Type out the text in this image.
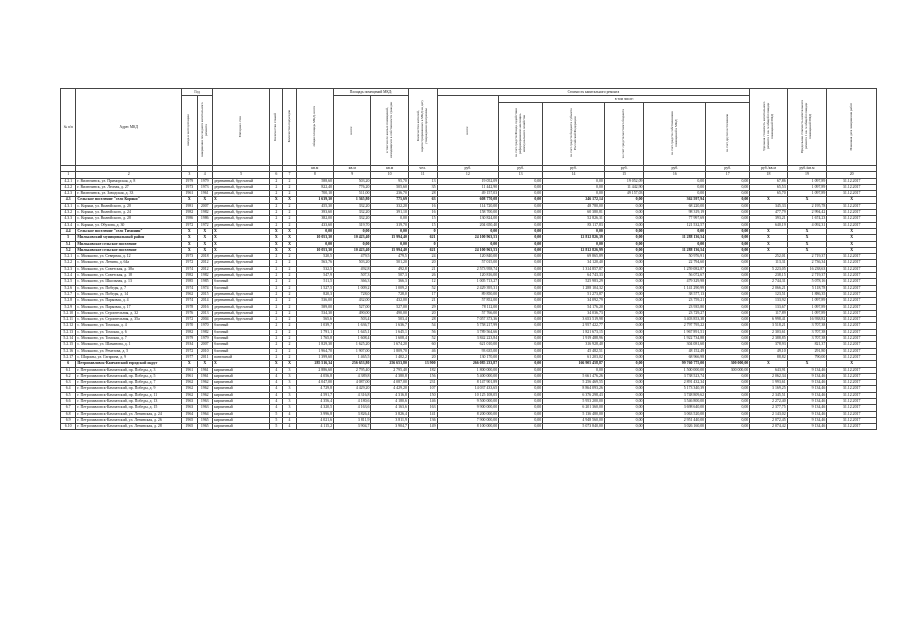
№ п/п	Адрес МКД	Год		Материал стен	Количество этажей	Количество подъездов	общая площадь МКД, всего	Площадь помещений МКД:		Количество жителей, зарегистрированных в МКД на дату утверждения программы	Стоимость капитального ремонта						Удельная стоимость капитального ремонта 1 кв. м общей площади помещений МКД	Предельная стоимость капитального ремонта 1 кв. м общей площади помещений МКД	Плановая дата завершения работ
		ввода в эксплуатацию	завершения последнего капитального ремонта					всего:	в том числе жилых помещений, находящихся в собственности граждан		всего:	в том числе:							
												за счет средств Фонда содействия реформированию жилищно-коммунального хозяйства	за счет средств бюджета субъекта Российской Федерации	за счет средств местного бюджета	за счет средств собственников помещений в МКД	за счет других источников			
							кв.м	кв.м	кв.м	чел.	руб.	руб.	руб.	руб.	руб.	руб.	руб./кв.м	руб./кв.м	
1	2	3	4	5	6	7	8	9	10	11	12	13	14	15	16	17	18	19	20
4.2.1	г. Вилючинск, ул. Приморская, д. 8	1979	1979	деревянный, брусчатый	2	2	588,60	503,20	95,70	13	19 052,09	0,00	0,00	19 052,09	0,00	0,00	67,86	1 097,89	31.12.2017
4.2.2	г. Вилючинск, ул. Лесная, д. 27	1973	1973	деревянный, брусчатый	2	2	822,40	776,20	505,60	35	11 442,90	0,00	0,00	11 442,90	0,00	0,00	65,53	1 097,89	31.12.2017
4.2.3	г. Вилючинск, ул. Заводская, д. 33	1961	1961	деревянный, брусчатый	2	2	700,10	511,00	236,70	28	49 157,03	0,00	0,00	49 157,03	0,00	0,00	65,70	1 097,89	31.12.2017
4.3	Сельское поселение "село Коряки"	X	X	X	X	X	1 639,30	1 365,80	775,69	63	608 770,08	0,00	246 172,14	0,00	362 597,94	0,00	X	X	X
4.3.1	с. Коряки, ул. Вилюйского, д. 20	1981	2007	деревянный, брусчатый	2	2	455,30	332,20	332,20	16	114 720,00	0,00	48 780,00	0,00	68 220,00	0,00	345,33	2 195,78	31.12.2017
4.3.2	с. Коряки, ул. Вилюйского, д. 24	1982	1982	деревянный, брусчатый	2	2	393,60	332,20	391,10	16	158 700,00	0,00	60 380,81	0,00	98 319,19	0,00	477,79	2 994,42	31.12.2017
4.3.3	с. Коряки, ул. Вилюйского, д. 28	1986	1986	деревянный, брусчатый	2	2	382,00	332,20	0,00	15	130 824,00	0,00	52 826,31	0,00	77 997,69	0,00	393,21	1 674,23	31.12.2017
4.3.4	с. Коряки, ул. Обухова, д. 30	1972	1972	деревянный, брусчатый	2	2	433,60	319,70	319,70	15	204 650,40	0,00	83 117,83	0,00	121 532,57	0,00	640,19	4 092,31	31.12.2017
4.4	Сельское поселение "село Тимонин"	X	X	X	X	X	0,00	0,00	0,00	0	0,00	0,00	0,00	0,00	0,00	0,00	X	X	X
5	Мильковский муниципальный район	X	X	X	X	X	10 053,30	10 423,40	15 994,40	621	24 100 963,53	0,00	12 812 826,39	0,00	11 288 136,54	0,00	X	X	X
5.1	Мильковское сельское поселение	X	X	X	X	X	0,00	0,00	0,00	0	0,00	0,00	0,00	0,00	0,00	0,00	X	X	X
5.2	Мильковское сельское поселение	X	X	X	X	X	10 053,30	10 423,40	15 994,40	621	24 100 963,53	0,00	12 812 826,99	0,00	11 288 136,54	0,00	X	X	X
5.2.1	с. Мильково, ул. Северная, д. 12	1973	2018	деревянный, брусчатый	2	2	520,5	479,5	479,5	24	120 840,00	0,00	69 865,89	0,00	50 976,91	0,00	252,01	2 719,37	31.12.2017
5.2.2	с. Мильково, ул. Ленина, д. 64а	1972	2012	деревянный, брусчатый	2	2	563,76	503,20	501,20	20	57 015,00	0,00	34 120,40	0,00	22 794,60	0,00	113,31	2 736,34	31.12.2017
5.2.3	с. Мильково, ул. Советская, д. 38а	1974	2012	деревянный, брусчатый	2	2	532,5	492,8	492,8	21	2 573 958,74	0,00	1 314 857,87	0,00	1 259 082,87	0,00	5 223,05	16 238,63	31.12.2017
5.2.4	с. Мильково, ул. Советская, д. 18	1982	1982	деревянный, брусчатый	2	2	547,9	507,3	507,3	26	120 816,00	0,00	64 743,33	0,00	56 072,67	0,00	238,15	2 719,37	31.12.2017
5.2.5	с. Мильково, ул. Школьная, д. 13	1985	1985	блочный	2	2	511,5	366,3	366,3	12	1 005 713,27	0,00	525 983,29	0,00	479 329,98	0,00	2 744,31	5 078,16	31.12.2017
5.2.6	с. Мильково, ул. Победы, д. 7	1974	1974	блочный	2	2	1 527,5	1 009,2	1 009,2	52	2 429 395,31	0,00	1 288 104,32	0,00	1 141 290,99	0,00	2 066,21	5 118,78	31.12.2017
5.2.7	с. Мильково, ул. Победы, д. 14	1962	2015	деревянный, брусчатый	2	2	820,3	728,0	728,0	17	89 850,00	0,00	51 273,87	0,00	38 577,13	0,00	123,51	1 886,35	31.12.2017
5.2.8	с. Мильково, ул. Парковая, д. 4	1974	2014	деревянный, брусчатый	2	2	536,00	432,00	432,00	21	57 852,00	0,00	34 092,79	0,00	23 759,21	0,00	133,92	1 097,89	31.12.2017
5.2.9	с. Мильково, ул. Парковая, д. 17	1978	2016	деревянный, брусчатый	2	2	589,00	527,00	527,00	29	78 112,00	0,00	54 176,20	0,00	23 935,80	0,00	133,67	1 097,89	31.12.2017
5.2.10	с. Мильково, ул. Строительная, д. 32	1976	2013	деревянный, брусчатый	2	2	534,30	490,00	490,00	20	57 766,00	0,00	34 036,73	0,00	23 729,27	0,00	117,89	1 097,89	31.12.2017
5.2.11	с. Мильково, ул. Строительная, д. 35а	1972	2004	деревянный, брусчатый	2	2	565,6	503,4	503,4	28	7 057 373,36	0,00	3 653 519,98	0,00	3 403 853,38	0,00	6 998,41	16 938,82	31.12.2017
5.2.12	с. Мильково, ул. Томская, д. 4	1970	1970	блочный	2	2	1 039,7	1 636,7	1 636,7	54	5 758 217,99	0,00	2 957 422,77	0,00	2 797 795,22	0,00	3 518,21	3 707,38	31.12.2017
5.2.13	с. Мильково, ул. Томская, д. 6	1982	1982	блочный	2	2	1 791,1	1 645,1	1 645,1	56	3 789 564,66	0,00	1 821 673,15	0,00	1 967 891,51	0,00	2 303,61	3 707,38	31.12.2017
5.2.14	с. Мильково, ул. Томская, д. 7	1979	1979	блочный	2	2	1 765,8	1 608,4	1 608,4	52	3 842 223,84	0,00	1 919 488,96	0,00	1 922 734,88	0,00	2 388,85	3 707,38	31.12.2017
5.2.15	с. Мильково, ул. Шаманова, д. 1	1934	2007	блочный	2	2	1 829,30	1 625,20	1 674,20	60	621 010,00	0,00	316 928,40	0,00	304 081,60	0,00	378,93	821,37	31.12.2017
5.2.16	с. Мильково, ул. Ремезова, д. 5	1972	2010	блочный	2	2	1 964,70	1 907,00	1 809,70	46	93 635,00	0,00	45 482,51	0,00	48 152,49	0,00	49,10	291,80	31.12.2017
5.2.17	с. Шаромы, ул. Гагарина, д. 9	1977	2011	панельный	2	2	1 399,60	1 465,5	1 402,2	20	130 170,00	0,00	61 203,02	0,00	68 966,98	0,00	88,82	790,00	31.12.2017
6	Петропавловск-Камчатский городской округ	X	X	X	X	X	285 516,34	256 653,80	256 653,80	13 900	266 085 233,87	0,00	166 905 458,87	0,00	99 760 775,00	300 000,00	X	X	X
6.1	г. Петропавловск-Камчатский, пр. Победы, д. 3	1961	1961	кирпичный	4	3	2 886,60	2 795,40	2 795,40	182	1 800 000,00	0,00	0,00	0,00	1 500 000,00	300 000,00	643,91	9 134,46	31.12.2017
6.2	г. Петропавловск-Камчатский, пр. Победы, д. 5	1961	1961	кирпичный	4	3	4 056,8	4 389,8	4 380,8	156	5 400 000,00	0,00	5 661 476,26	0,00	3 738 523,74	0,00	2 062,34	9 134,46	31.12.2017
6.3	г. Петропавловск-Камчатский, пр. Победы, д. 7	1962	1962	кирпичный	4	3	4 047,00	4 087,00	4 087,00	231	8 147 901,89	0,00	5 256 469,55	0,00	2 891 432,34	0,00	1 993,61	9 134,46	31.12.2017
6.4	г. Петропавловск-Камчатский, пр. Победы, д. 9	1962	1962	кирпичный	4	3	4 729,8	4 429,20	4 429,20	107	14 037 433,65	0,00	8 864 093,26	0,00	5 173 340,39	0,00	3 169,25	9 134,46	31.12.2017
6.5	г. Петропавловск-Камчатский, пр. Победы, д. 11	1962	1962	кирпичный	4	3	4 591,7	4 316,8	4 316,8	150	10 125 108,05	0,00	6 376 298,43	0,00	3 748 809,62	0,00	2 345,51	9 134,46	31.12.2017
6.6	г. Петропавловск-Камчатский, пр. Победы, д. 13	1963	1963	кирпичный	4	3	4 356,4	4 180,6	4 180,6	146	9 500 000,00	0,00	5 953 200,00	0,00	3 546 800,00	0,00	2 272,40	9 134,46	31.12.2017
6.7	г. Петропавловск-Камчатский, пр. Победы, д. 15	1963	1963	кирпичный	4	3	4 320,5	4 163,6	4 163,6	163	9 900 000,00	0,00	6 201 360,00	0,00	3 698 640,00	0,00	2 377,75	9 134,46	31.12.2017
6.8	г. Петропавловск-Камчатский, ул. Ленинская, д. 24	1964	1964	кирпичный	5	4	3 996,8	3 826,4	3 826,4	141	8 200 000,00	0,00	5 136 480,00	0,00	3 063 520,00	0,00	2 143,02	9 134,46	31.12.2017
6.9	г. Петропавловск-Камчатский, ул. Ленинская, д. 26	1965	1965	кирпичный	5	4	4 021,6	3 811,9	3 811,9	136	7 900 000,00	0,00	4 948 560,00	0,00	2 951 440,00	0,00	2 072,45	9 134,46	31.12.2017
6.10	г. Петропавловск-Камчатский, ул. Ленинская, д. 28	1965	1965	кирпичный	5	4	4 115,2	3 904,7	3 904,7	149	8 100 000,00	0,00	5 073 840,00	0,00	3 026 160,00	0,00	2 074,42	9 134,46	31.12.2017
